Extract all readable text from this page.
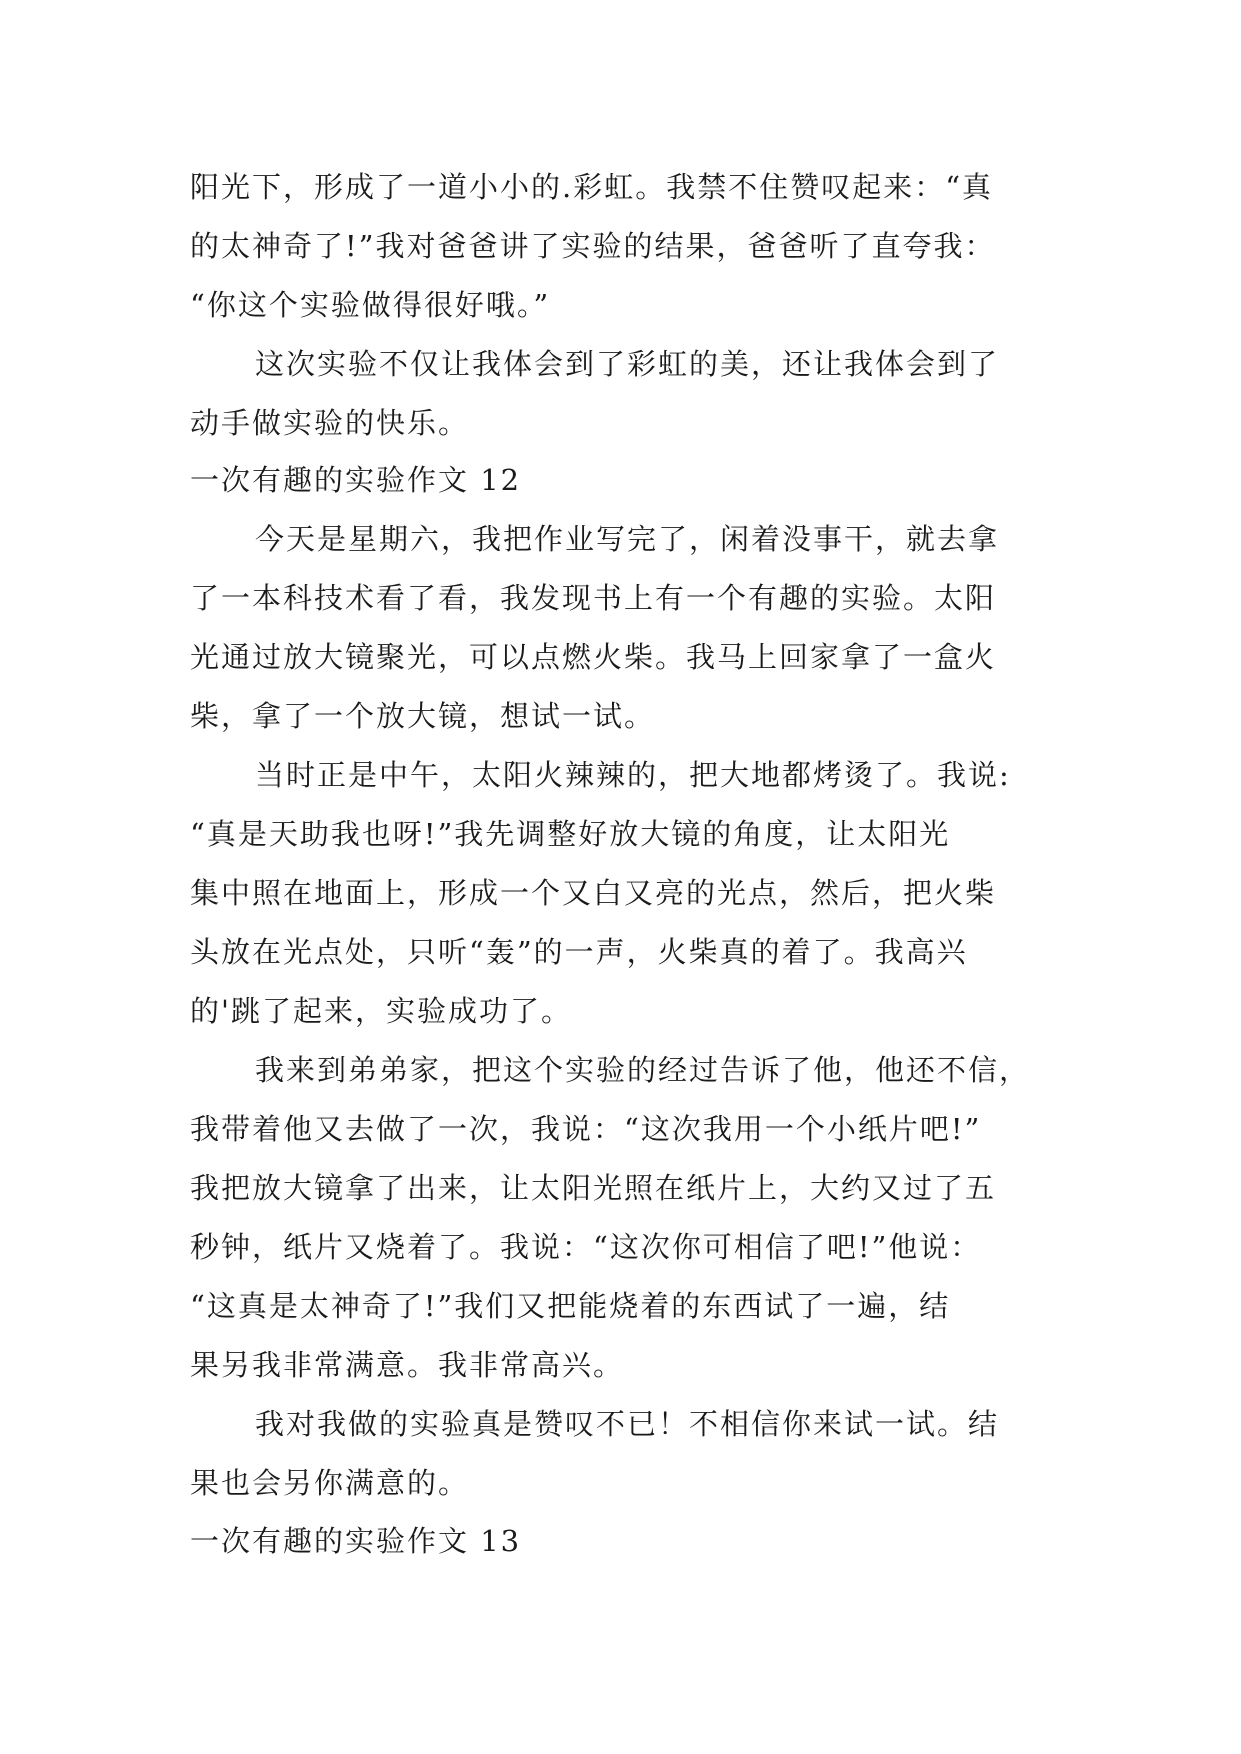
阳光下，形成了一道小小的.彩虹。我禁不住赞叹起来：“真
的太神奇了!”我对爸爸讲了实验的结果，爸爸听了直夸我：
“你这个实验做得很好哦。”
这次实验不仅让我体会到了彩虹的美，还让我体会到了
动手做实验的快乐。
一次有趣的实验作文 12
今天是星期六，我把作业写完了，闲着没事干，就去拿
了一本科技术看了看，我发现书上有一个有趣的实验。太阳
光通过放大镜聚光，可以点燃火柴。我马上回家拿了一盒火
柴，拿了一个放大镜，想试一试。
当时正是中午，太阳火辣辣的，把大地都烤烫了。我说:
“真是天助我也呀!”我先调整好放大镜的角度，让太阳光
集中照在地面上，形成一个又白又亮的光点，然后，把火柴
头放在光点处，只听“轰”的一声，火柴真的着了。我高兴
的'跳了起来，实验成功了。
我来到弟弟家，把这个实验的经过告诉了他，他还不信，
我带着他又去做了一次，我说：“这次我用一个小纸片吧!”
我把放大镜拿了出来，让太阳光照在纸片上，大约又过了五
秒钟，纸片又烧着了。我说：“这次你可相信了吧!”他说：
“这真是太神奇了!”我们又把能烧着的东西试了一遍，结
果另我非常满意。我非常高兴。
我对我做的实验真是赞叹不已！不相信你来试一试。结
果也会另你满意的。
一次有趣的实验作文 13
